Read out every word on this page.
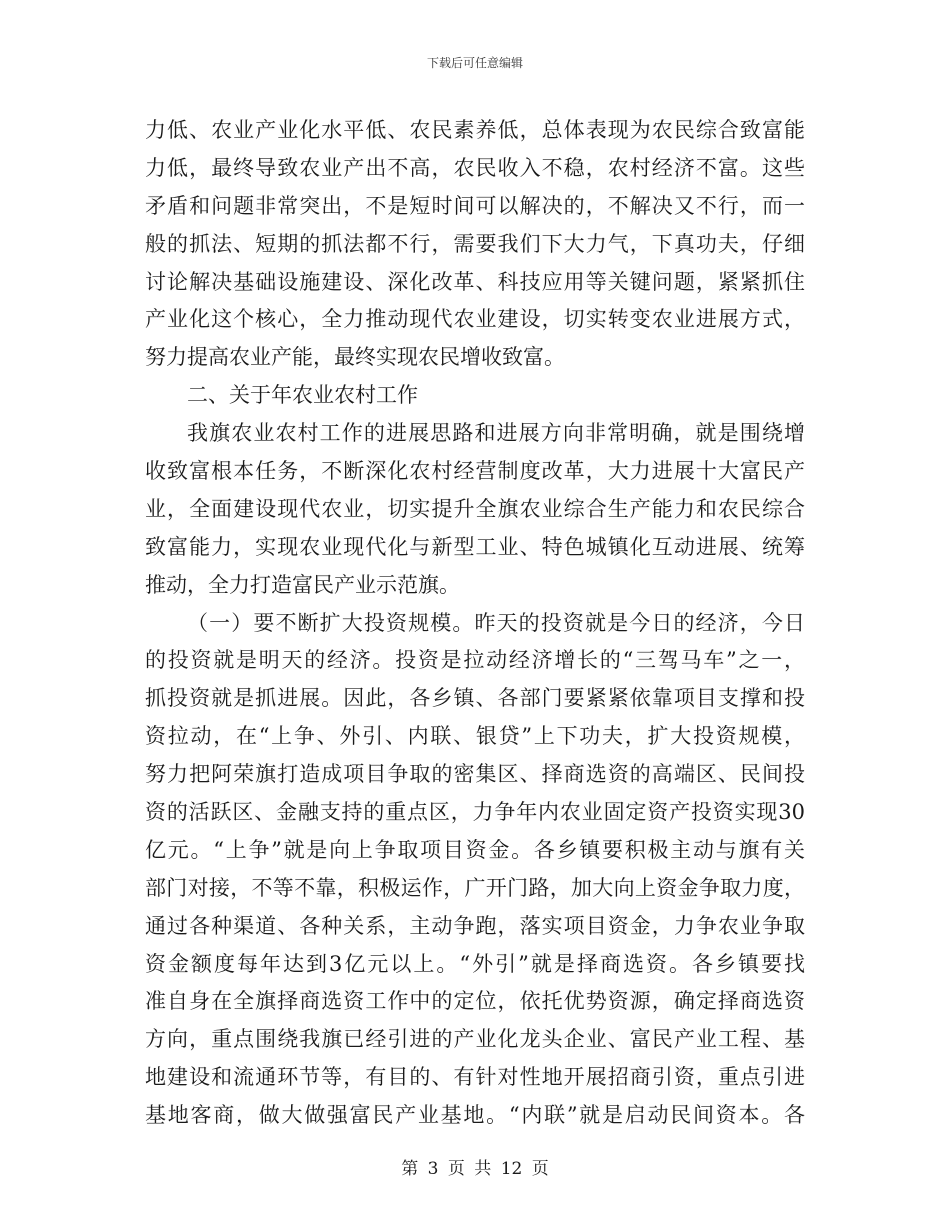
下载后可任意编辑
力低、农业产业化水平低、农民素养低，总体表现为农民综合致富能
力低，最终导致农业产出不高，农民收入不稳，农村经济不富。这些
矛盾和问题非常突出，不是短时间可以解决的，不解决又不行，而一
般的抓法、短期的抓法都不行，需要我们下大力气，下真功夫，仔细
讨论解决基础设施建设、深化改革、科技应用等关键问题，紧紧抓住
产业化这个核心，全力推动现代农业建设，切实转变农业进展方式，
努力提高农业产能，最终实现农民增收致富。
二、关于年农业农村工作
我旗农业农村工作的进展思路和进展方向非常明确，就是围绕增
收致富根本任务，不断深化农村经营制度改革，大力进展十大富民产
业，全面建设现代农业，切实提升全旗农业综合生产能力和农民综合
致富能力，实现农业现代化与新型工业、特色城镇化互动进展、统筹
推动，全力打造富民产业示范旗。
（一）要不断扩大投资规模。昨天的投资就是今日的经济，今日
的投资就是明天的经济。投资是拉动经济增长的“三驾马车”之一，
抓投资就是抓进展。因此，各乡镇、各部门要紧紧依靠项目支撑和投
资拉动，在“上争、外引、内联、银贷”上下功夫，扩大投资规模，
努力把阿荣旗打造成项目争取的密集区、择商选资的高端区、民间投
资的活跃区、金融支持的重点区，力争年内农业固定资产投资实现30
亿元。“上争”就是向上争取项目资金。各乡镇要积极主动与旗有关
部门对接，不等不靠，积极运作，广开门路，加大向上资金争取力度，
通过各种渠道、各种关系，主动争跑，落实项目资金，力争农业争取
资金额度每年达到3亿元以上。“外引”就是择商选资。各乡镇要找
准自身在全旗择商选资工作中的定位，依托优势资源，确定择商选资
方向，重点围绕我旗已经引进的产业化龙头企业、富民产业工程、基
地建设和流通环节等，有目的、有针对性地开展招商引资，重点引进
基地客商，做大做强富民产业基地。“内联”就是启动民间资本。各
第 3 页 共 12 页
